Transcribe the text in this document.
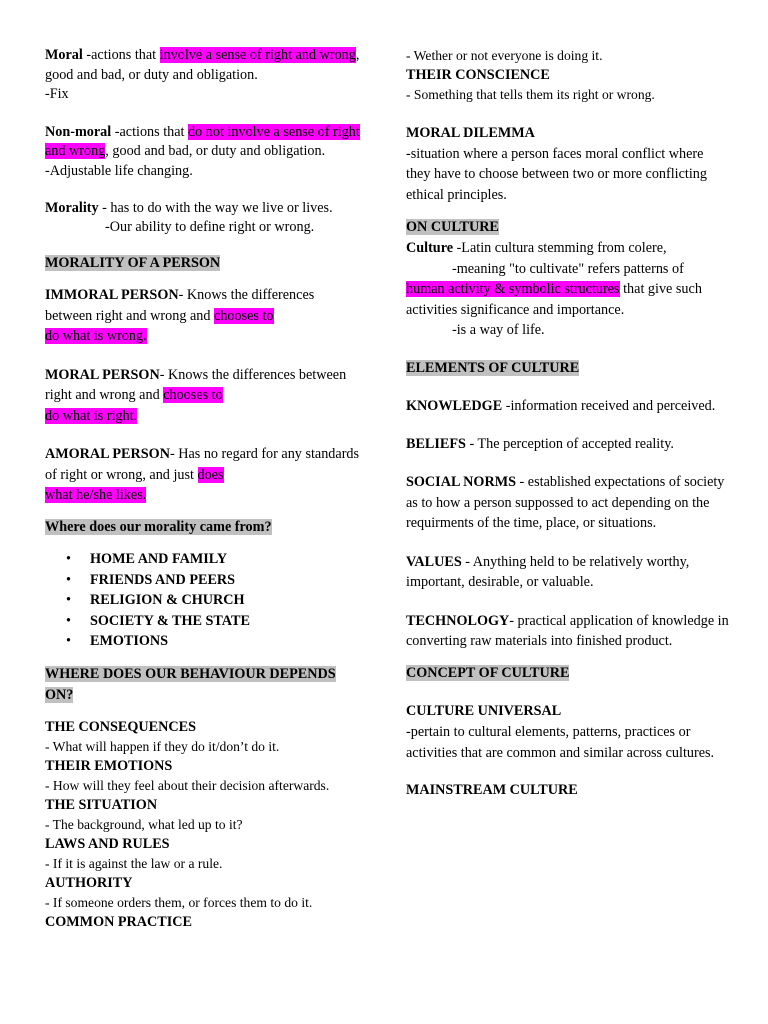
Moral -actions that involve a sense of right and wrong, good and bad, or duty and obligation.

-Fix

Non-moral -actions that do not involve a sense of right and wrong, good and bad, or duty and obligation.

-Adjustable life changing.

Morality - has to do with the way we live or lives.

-Our ability to define right or wrong.

MORALITY OF A PERSON

IMMORAL PERSON- Knows the differences between right and wrong and chooses to
do what is wrong.

MORAL PERSON- Knows the differences between right and wrong and chooses to
do what is right.

AMORAL PERSON- Has no regard for any standards of right or wrong, and just does
what he/she likes.

Where does our morality came from?

• HOME AND FAMILY
• FRIENDS AND PEERS
• RELIGION & CHURCH
• SOCIETY & THE STATE
• EMOTIONS

WHERE DOES OUR BEHAVIOUR DEPENDS ON?

THE CONSEQUENCES

- What will happen if they do it/don’t do it.

THEIR EMOTIONS

- How will they feel about their decision afterwards.

THE SITUATION

- The background, what led up to it?

LAWS AND RULES

- If it is against the law or a rule.

AUTHORITY

- If someone orders them, or forces them to do it.

COMMON PRACTICE

- Wether or not everyone is doing it.

THEIR CONSCIENCE

- Something that tells them its right or wrong.

MORAL DILEMMA

-situation where a person faces moral conflict where they have to choose between two or more conflicting ethical principles.

ON CULTURE

Culture -Latin cultura stemming from colere,

-meaning "to cultivate" refers patterns of

human activity & symbolic structures that give such activities significance and importance.

-is a way of life.

ELEMENTS OF CULTURE

KNOWLEDGE -information received and perceived.

BELIEFS - The perception of accepted reality.

SOCIAL NORMS - established expectations of society as to how a person suppossed to act depending on the requirments of the time, place, or situations.

VALUES - Anything held to be relatively worthy, important, desirable, or valuable.

TECHNOLOGY- practical application of knowledge in converting raw materials into finished product.

CONCEPT OF CULTURE

CULTURE UNIVERSAL

-pertain to cultural elements, patterns, practices or activities that are common and similar across cultures.

MAINSTREAM CULTURE
